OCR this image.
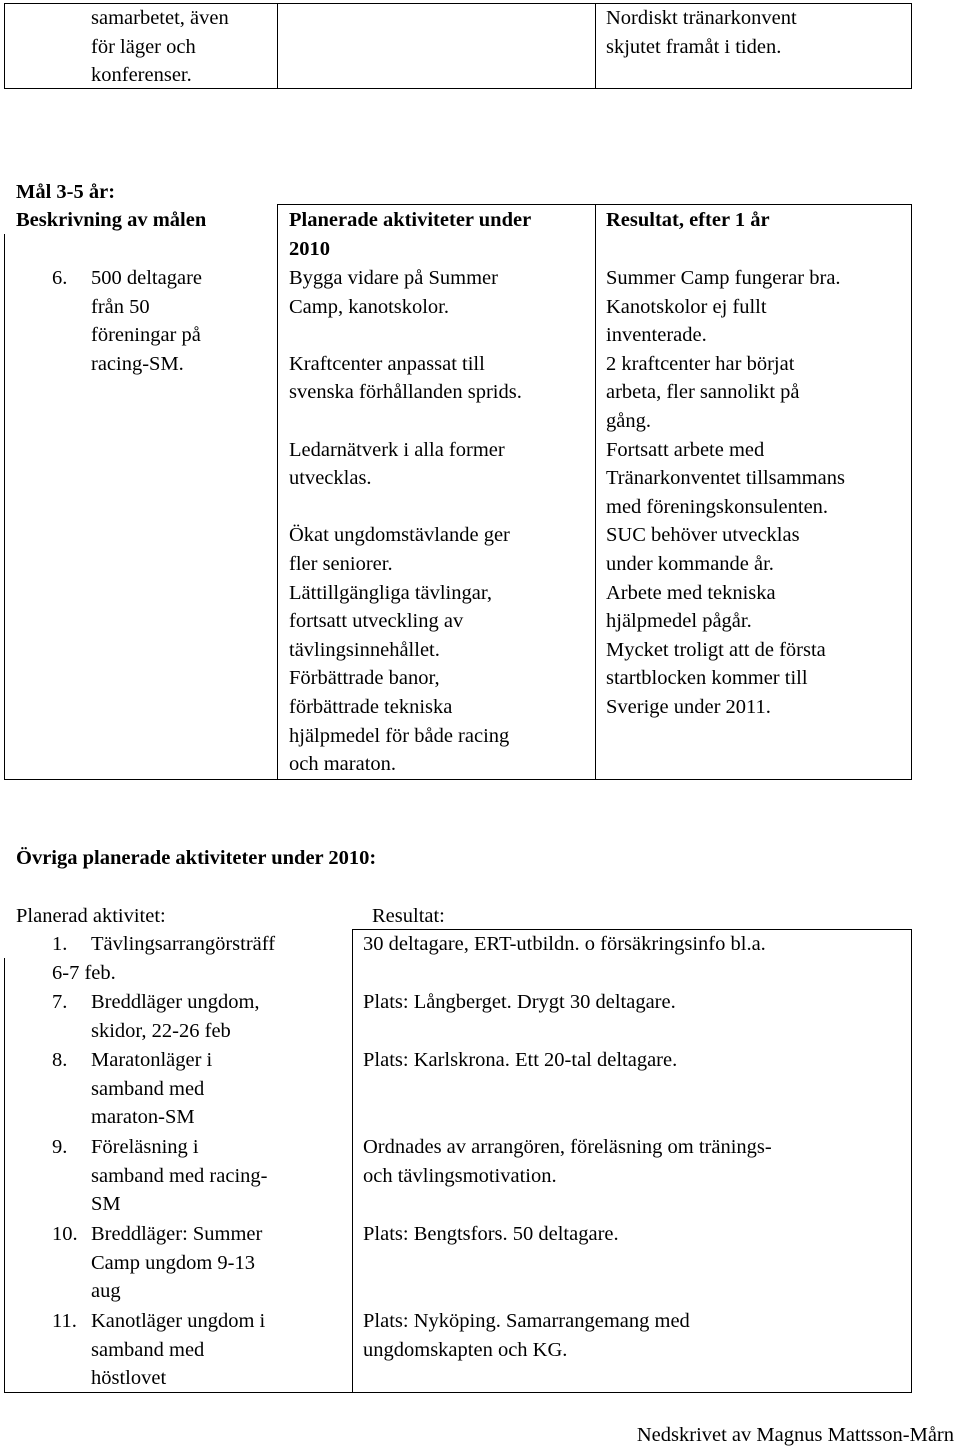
samarbetet, även
för läger och
konferenser.
Nordiskt tränarkonvent
skjutet framåt i tiden.
Mål 3-5 år:
Beskrivning av målen	Planerade aktiviteter under
2010
Resultat, efter 1 år
6. 500 deltagare
från 50
föreningar på
racing-SM.
Bygga vidare på Summer
Camp, kanotskolor.
Kraftcenter anpassat till
svenska förhållanden sprids.
Ledarnätverk i alla former
utvecklas.
Ökat ungdomstävlande ger
fler seniorer.
Lättillgängliga tävlingar,
fortsatt utveckling av
tävlingsinnehållet.
Förbättrade banor,
förbättrade tekniska
hjälpmedel för både racing
och maraton.
Summer Camp fungerar bra.
Kanotskolor ej fullt
inventerade.
2 kraftcenter har börjat
arbeta, fler sannolikt på
gång.
Fortsatt arbete med
Tränarkonventet tillsammans
med föreningskonsulenten.
SUC behöver utvecklas
under kommande år.
Arbete med tekniska
hjälpmedel pågår.
Mycket troligt att de första
startblocken kommer till
Sverige under 2011.
Övriga planerade aktiviteter under 2010:
Planerad aktivitet:	Resultat:
1. Tävlingsarrangörsträff
6-7 feb.
30 deltagare, ERT-utbildn. o försäkringsinfo bl.a.
7. Breddläger ungdom,
skidor, 22-26 feb
Plats: Långberget. Drygt 30 deltagare.
8. Maratonläger i
samband med
maraton-SM
Plats: Karlskrona. Ett 20-tal deltagare.
9. Föreläsning i
samband med racing-
SM
Ordnades av arrangören, föreläsning om tränings-
och tävlingsmotivation.
10. Breddläger: Summer
Camp ungdom 9-13
aug
Plats: Bengtsfors. 50 deltagare.
11. Kanotläger ungdom i
samband med
höstlovet
Plats: Nyköping. Samarrangemang med
ungdomskapten och KG.
Nedskrivet av Magnus Mattsson-Mårn
